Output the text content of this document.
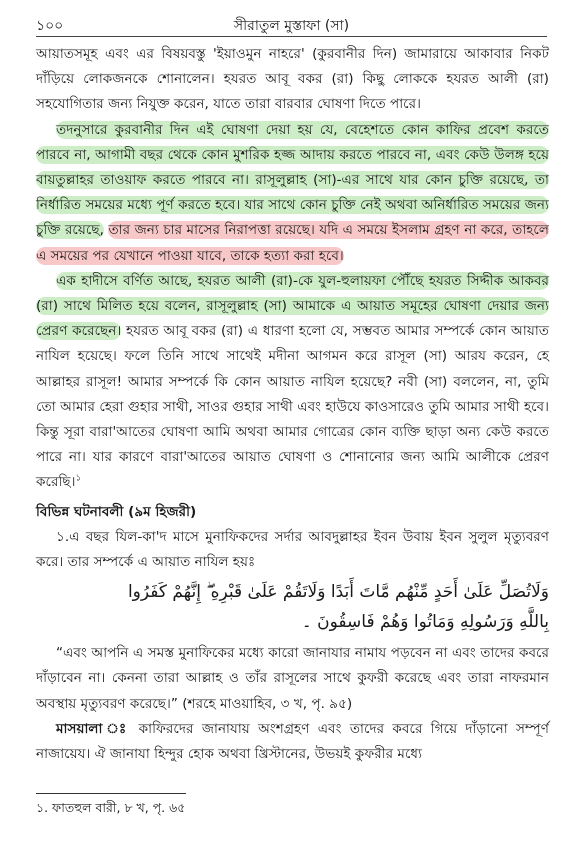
১০০	সীরাতুল মুস্তাফা (সা)

আয়াতসমূহ এবং এর বিষয়বস্তু 'ইয়াওমুন নাহরে' (কুরবানীর দিন) জামারায়ে আকাবার নিকট দাঁড়িয়ে লোকজনকে শোনালেন। হযরত আবূ বকর (রা) কিছু লোককে হযরত আলী (রা) সহযোগিতার জন্য নিযুক্ত করেন, যাতে তারা বারবার ঘোষণা দিতে পারে।

তদনুসারে কুরবানীর দিন এই ঘোষণা দেয়া হয় যে, বেহেশতে কোন কাফির প্রবেশ করতে পারবে না, আগামী বছর থেকে কোন মুশরিক হজ্জ আদায় করতে পারবে না, এবং কেউ উলঙ্গ হয়ে বায়তুল্লাহর তাওয়াফ করতে পারবে না। রাসূলুল্লাহ (সা)-এর সাথে যার কোন চুক্তি রয়েছে, তা নির্ধারিত সময়ের মধ্যে পূর্ণ করতে হবে। যার সাথে কোন চুক্তি নেই অথবা অনির্ধারিত সময়ের জন্য চুক্তি রয়েছে, তার জন্য চার মাসের নিরাপত্তা রয়েছে। যদি এ সময়ে ইসলাম গ্রহণ না করে, তাহলে এ সময়ের পর যেখানে পাওয়া যাবে, তাকে হত্যা করা হবে।

এক হাদীসে বর্ণিত আছে, হযরত আলী (রা)-কে যুল-হুলায়ফা পৌঁছে হযরত সিদ্দীক আকবর (রা) সাথে মিলিত হয়ে বলেন, রাসূলুল্লাহ (সা) আমাকে এ আয়াত সমূহের ঘোষণা দেয়ার জন্য প্রেরণ করেছেন। হযরত আবূ বকর (রা) এ ধারণা হলো যে, সম্ভবত আমার সম্পর্কে কোন আয়াত নাযিল হয়েছে। ফলে তিনি সাথে সাথেই মদীনা আগমন করে রাসূল (সা) আরয করেন, হে আল্লাহর রাসূল! আমার সম্পর্কে কি কোন আয়াত নাযিল হয়েছে? নবী (সা) বললেন, না, তুমি তো আমার হেরা গুহার সাথী, সাওর গুহার সাথী এবং হাউযে কাওসারেও তুমি আমার সাথী হবে। কিন্তু সূরা বারা'আতের ঘোষণা আমি অথবা আমার গোত্রের কোন ব্যক্তি ছাড়া অন্য কেউ করতে পারে না। যার কারণে বারা'আতের আয়াত ঘোষণা ও শোনানোর জন্য আমি আলীকে প্রেরণ করেছি।$^১$

বিভিন্ন ঘটনাবলী (৯ম হিজরী)

১.এ বছর যিল-কা'দ মাসে মুনাফিকদের সর্দার আবদুল্লাহর ইবন উবায় ইবন সুলুল মৃত্যুবরণ করে। তার সম্পর্কে এ আয়াত নাযিল হয়ঃ

وَلَاتُصَلِّ عَلَىٰ أَحَدٍ مِّنْهُم مَّاتَ أَبَدًا وَلَاتَقُمْ عَلَىٰ قَبْرِهِ ۖ إِنَّهُمْ كَفَرُوا
بِاللَّهِ وَرَسُولِهِ وَمَاتُوا وَهُمْ فَاسِقُونَ ۔

“এবং আপনি এ সমস্ত মুনাফিকের মধ্যে কারো জানাযার নামায পড়বেন না এবং তাদের কবরে দাঁড়াবেন না। কেননা তারা আল্লাহ ও তাঁর রাসূলের সাথে কুফরী করেছে এবং তারা নাফরমান অবস্থায় মৃত্যুবরণ করেছে।” (শরহে মাওয়াহিব, ৩ খ, পৃ. ৯৫)

মাসয়ালা ঃ কাফিরদের জানাযায় অংশগ্রহণ এবং তাদের কবরে গিয়ে দাঁড়ানো সম্পূর্ণ নাজায়েয। ঐ জানাযা হিন্দুর হোক অথবা খ্রিস্টানের, উভয়ই কুফরীর মধ্যে

১. ফাতহুল বারী, ৮ খ, পৃ. ৬৫
